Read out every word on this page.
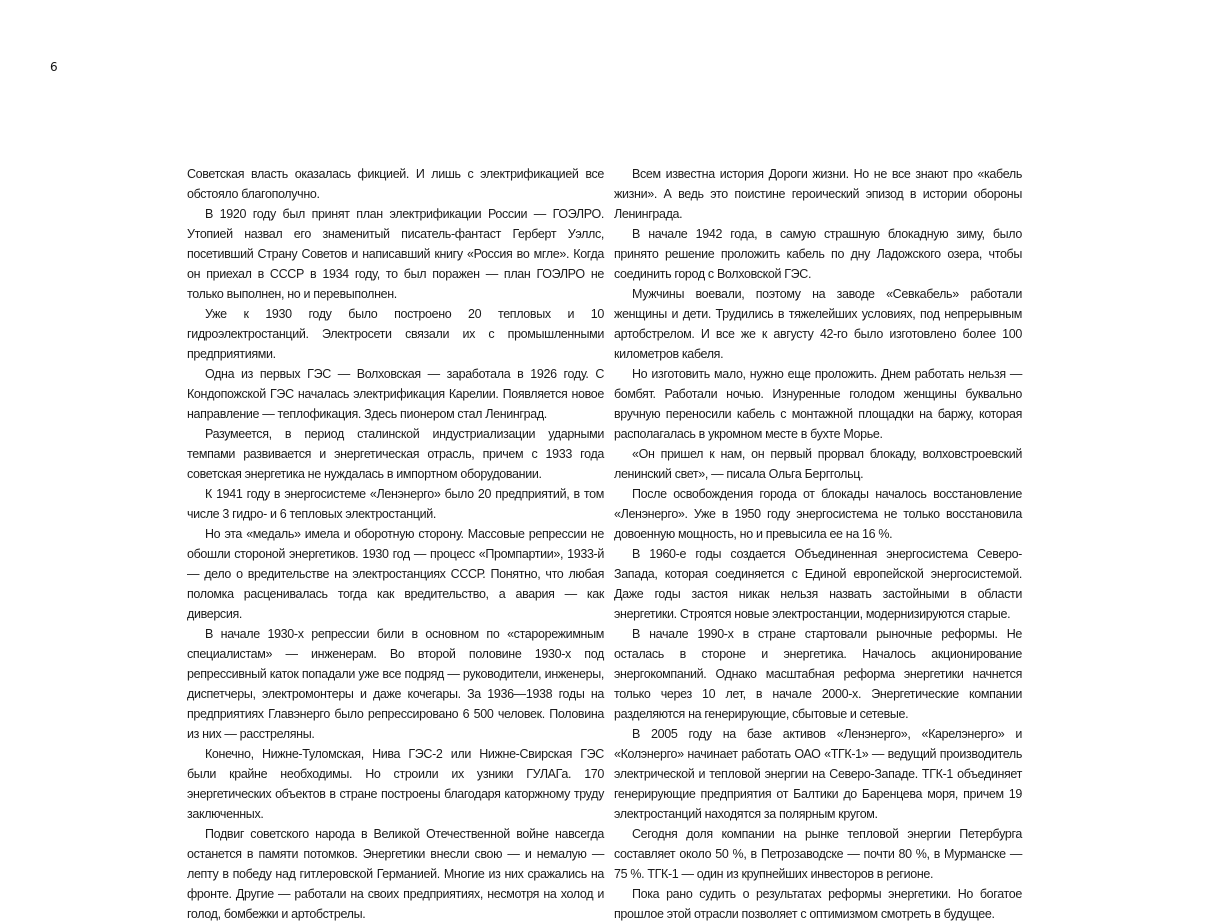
6

Советская власть оказалась фикцией. И лишь с электрификацией все обстояло благополучно.

В 1920 году был принят план электрификации России — ГОЭЛРО. Утопией назвал его знаменитый писатель-фантаст Герберт Уэллс, посетивший Страну Советов и написавший книгу «Россия во мгле». Когда он приехал в СССР в 1934 году, то был поражен — план ГОЭЛРО не только выполнен, но и перевыполнен.

Уже к 1930 году было построено 20 тепловых и 10 гидроэлектростанций. Электросети связали их с промышленными предприятиями.

Одна из первых ГЭС — Волховская — заработала в 1926 году. С Кондопожской ГЭС началась электрификация Карелии. Появляется новое направление — теплофикация. Здесь пионером стал Ленинград.

Разумеется, в период сталинской индустриализации ударными темпами развивается и энергетическая отрасль, причем с 1933 года советская энергетика не нуждалась в импортном оборудовании.

К 1941 году в энергосистеме «Ленэнерго» было 20 предприятий, в том числе 3 гидро- и 6 тепловых электростанций.

Но эта «медаль» имела и оборотную сторону. Массовые репрессии не обошли стороной энергетиков. 1930 год — процесс «Промпартии», 1933-й — дело о вредительстве на электростанциях СССР. Понятно, что любая поломка расценивалась тогда как вредительство, а авария — как диверсия.

В начале 1930-х репрессии били в основном по «старорежимным специалистам» — инженерам. Во второй половине 1930-х под репрессивный каток попадали уже все подряд — руководители, инженеры, диспетчеры, электромонтеры и даже кочегары. За 1936—1938 годы на предприятиях Главэнерго было репрессировано 6 500 человек. Половина из них — расстреляны.

Конечно, Нижне-Туломская, Нива ГЭС-2 или Нижне-Свирская ГЭС были крайне необходимы. Но строили их узники ГУЛАГа. 170 энергетических объектов в стране построены благодаря каторжному труду заключенных.

Подвиг советского народа в Великой Отечественной войне навсегда останется в памяти потомков. Энергетики внесли свою — и немалую — лепту в победу над гитлеровской Германией. Многие из них сражались на фронте. Другие — работали на своих предприятиях, несмотря на холод и голод, бомбежки и артобстрелы.

Всем известна история Дороги жизни. Но не все знают про «кабель жизни». А ведь это поистине героический эпизод в истории обороны Ленинграда.

В начале 1942 года, в самую страшную блокадную зиму, было принято решение проложить кабель по дну Ладожского озера, чтобы соединить город с Волховской ГЭС.

Мужчины воевали, поэтому на заводе «Севкабель» работали женщины и дети. Трудились в тяжелейших условиях, под непрерывным артобстрелом. И все же к августу 42-го было изготовлено более 100 километров кабеля.

Но изготовить мало, нужно еще проложить. Днем работать нельзя — бомбят. Работали ночью. Изнуренные голодом женщины буквально вручную переносили кабель с монтажной площадки на баржу, которая располагалась в укромном месте в бухте Морье.

«Он пришел к нам, он первый прорвал блокаду, волховстроевский ленинский свет», — писала Ольга Берггольц.

После освобождения города от блокады началось восстановление «Ленэнерго». Уже в 1950 году энергосистема не только восстановила довоенную мощность, но и превысила ее на 16 %.

В 1960-е годы создается Объединенная энергосистема Северо-Запада, которая соединяется с Единой европейской энергосистемой. Даже годы застоя никак нельзя назвать застойными в области энергетики. Строятся новые электростанции, модернизируются старые.

В начале 1990-х в стране стартовали рыночные реформы. Не осталась в стороне и энергетика. Началось акционирование энергокомпаний. Однако масштабная реформа энергетики начнется только через 10 лет, в начале 2000-х. Энергетические компании разделяются на генерирующие, сбытовые и сетевые.

В 2005 году на базе активов «Ленэнерго», «Карелэнерго» и «Колэнерго» начинает работать ОАО «ТГК-1» — ведущий производитель электрической и тепловой энергии на Северо-Западе. ТГК-1 объединяет генерирующие предприятия от Балтики до Баренцева моря, причем 19 электростанций находятся за полярным кругом.

Сегодня доля компании на рынке тепловой энергии Петербурга составляет около 50 %, в Петрозаводске — почти 80 %, в Мурманске — 75 %. ТГК-1 — один из крупнейших инвесторов в регионе.

Пока рано судить о результатах реформы энергетики. Но богатое прошлое этой отрасли позволяет с оптимизмом смотреть в будущее.
